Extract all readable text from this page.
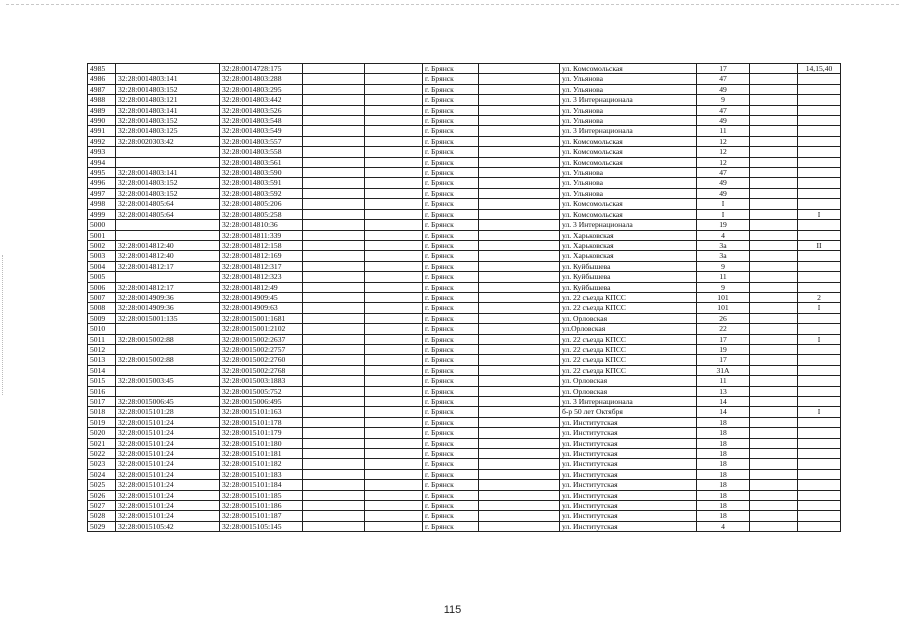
4985		32:28:0014728:175			г. Брянск		ул. Комсомольская	17		14,15,40
4986	32:28:0014803:141	32:28:0014803:288			г. Брянск		ул. Ульянова	47		
4987	32:28:0014803:152	32:28:0014803:295			г. Брянск		ул. Ульянова	49		
4988	32:28:0014803:121	32:28:0014803:442			г. Брянск		ул. 3 Интернационала	9		
4989	32:28:0014803:141	32:28:0014803:526			г. Брянск		ул. Ульянова	47		
4990	32:28:0014803:152	32:28:0014803:548			г. Брянск		ул. Ульянова	49		
4991	32:28:0014803:125	32:28:0014803:549			г. Брянск		ул. 3 Интернационала	11		
4992	32:28:0020303:42	32:28:0014803:557			г. Брянск		ул. Комсомольская	12		
4993		32:28:0014803:558			г. Брянск		ул. Комсомольская	12		
4994		32:28:0014803:561			г. Брянск		ул. Комсомольская	12		
4995	32:28:0014803:141	32:28:0014803:590			г. Брянск		ул. Ульянова	47		
4996	32:28:0014803:152	32:28:0014803:591			г. Брянск		ул. Ульянова	49		
4997	32:28:0014803:152	32:28:0014803:592			г. Брянск		ул. Ульянова	49		
4998	32:28:0014805:64	32:28:0014805:206			г. Брянск		ул. Комсомольская	I		
4999	32:28:0014805:64	32:28:0014805:258			г. Брянск		ул. Комсомольская	I		I
5000		32:28:0014810:36			г. Брянск		ул. 3 Интернационала	19		
5001		32:28:0014811:339			г. Брянск		ул. Харьковская	4		
5002	32:28:0014812:40	32:28:0014812:158			г. Брянск		ул. Харьковская	3а		II
5003	32:28:0014812:40	32:28:0014812:169			г. Брянск		ул. Харьковская	3а		
5004	32:28:0014812:17	32:28:0014812:317			г. Брянск		ул. Куйбышева	9		
5005		32:28:0014812:323			г. Брянск		ул. Куйбышева	11		
5006	32:28:0014812:17	32:28:0014812:49			г. Брянск		ул. Куйбышева	9		
5007	32:28:0014909:36	32:28:0014909:45			г. Брянск		ул. 22 съезда КПСС	101		2
5008	32:28:0014909:36	32:28:0014909:63			г. Брянск		ул. 22 съезда КПСС	101		I
5009	32:28:0015001:135	32:28:0015001:1681			г. Брянск		ул. Орловская	26		
5010		32:28:0015001:2102			г. Брянск		ул.Орловская	22		
5011	32:28:0015002:88	32:28:0015002:2637			г. Брянск		ул. 22 съезда КПСС	17		I
5012		32:28:0015002:2757			г. Брянск		ул. 22 съезда КПСС	19		
5013	32:28:0015002:88	32:28:0015002:2760			г. Брянск		ул. 22 съезда КПСС	17		
5014		32:28:0015002:2768			г. Брянск		ул. 22 съезда КПСС	31А		
5015	32:28:0015003:45	32:28:0015003:1883			г. Брянск		ул. Орловская	11		
5016		32:28:0015005:752			г. Брянск		ул. Орловская	13		
5017	32:28:0015006:45	32:28:0015006:495			г. Брянск		ул. 3 Интернационала	14		
5018	32:28:0015101:28	32:28:0015101:163			г. Брянск		б-р 50 лет Октября	14		I
5019	32:28:0015101:24	32:28:0015101:178			г. Брянск		ул. Институтская	18		
5020	32:28:0015101:24	32:28:0015101:179			г. Брянск		ул. Институтская	18		
5021	32:28:0015101:24	32:28:0015101:180			г. Брянск		ул. Институтская	18		
5022	32:28:0015101:24	32:28:0015101:181			г. Брянск		ул. Институтская	18		
5023	32:28:0015101:24	32:28:0015101:182			г. Брянск		ул. Институтская	18		
5024	32:28:0015101:24	32:28:0015101:183			г. Брянск		ул. Институтская	18		
5025	32:28:0015101:24	32:28:0015101:184			г. Брянск		ул. Институтская	18		
5026	32:28:0015101:24	32:28:0015101:185			г. Брянск		ул. Институтская	18		
5027	32:28:0015101:24	32:28:0015101:186			г. Брянск		ул. Институтская	18		
5028	32:28:0015101:24	32:28:0015101:187			г. Брянск		ул. Институтская	18		
5029	32:28:0015105:42	32:28:0015105:145			г. Брянск		ул. Институтская	4		
115
